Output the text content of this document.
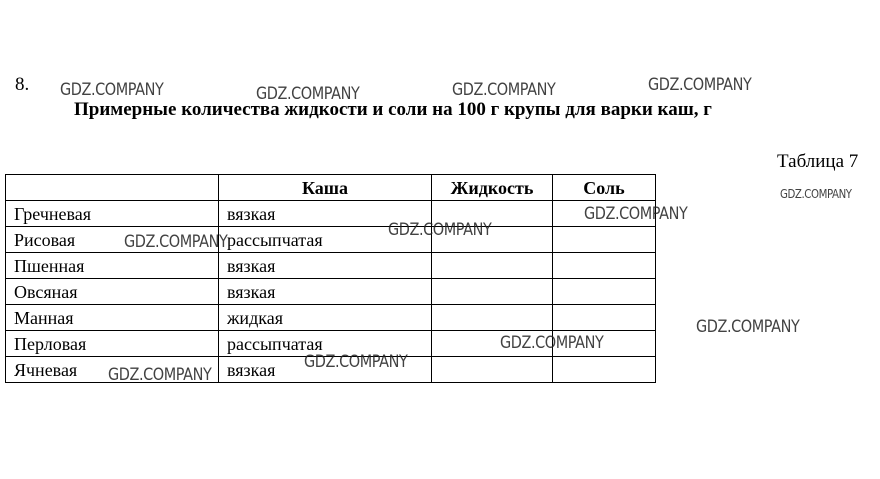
8.
Примерные количества жидкости и соли на 100 г крупы для варки каш, г
Таблица 7
	Каша	Жидкость	Соль
Гречневая	вязкая		
Рисовая	рассыпчатая		
Пшенная	вязкая		
Овсяная	вязкая		
Манная	жидкая		
Перловая	рассыпчатая		
Ячневая	вязкая		
GDZ.COMPANY	GDZ.COMPANY	GDZ.COMPANY	GDZ.COMPANY
GDZ.COMPANY
GDZ.COMPANY
GDZ.COMPANY
GDZ.COMPANY
GDZ.COMPANY
GDZ.COMPANY
GDZ.COMPANY
GDZ.COMPANY
